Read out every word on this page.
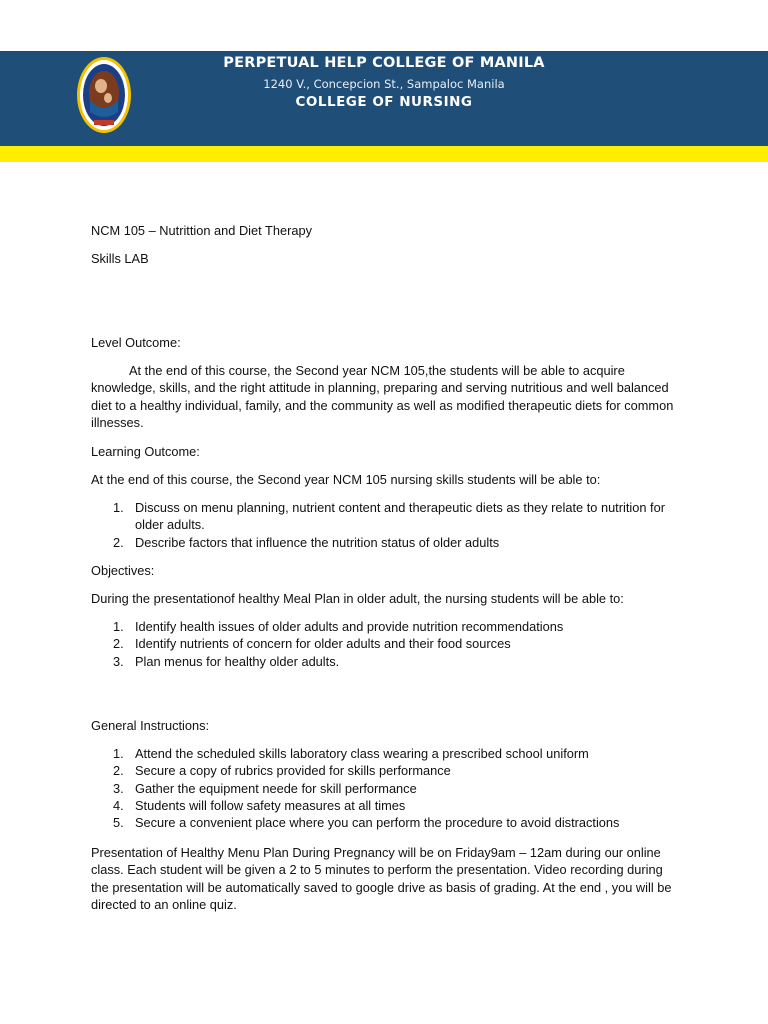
PERPETUAL HELP COLLEGE OF MANILA
1240 V., Concepcion St., Sampaloc Manila
COLLEGE OF NURSING

NCM 105 – Nutrittion and Diet Therapy

Skills LAB

Level Outcome:

At the end of this course, the Second year NCM 105,the students will be able to acquire knowledge, skills, and the right attitude in planning, preparing and serving nutritious and well balanced diet to a healthy individual, family, and the community as well as modified therapeutic diets for common illnesses.

Learning Outcome:

At the end of this course, the Second year NCM 105 nursing skills students will be able to:

1. Discuss on menu planning, nutrient content and therapeutic diets as they relate to nutrition for older adults.
2. Describe factors that influence the nutrition status of older adults

Objectives:

During the presentationof healthy Meal Plan in older adult, the nursing students will be able to:

1. Identify health issues of older adults and provide nutrition recommendations
2. Identify nutrients of concern for older adults and their food sources
3. Plan menus for healthy older adults.

General Instructions:

1. Attend the scheduled skills laboratory class wearing a prescribed school uniform
2. Secure a copy of rubrics provided for skills performance
3. Gather the equipment neede for skill performance
4. Students will follow safety measures at all times
5. Secure a convenient place where you can perform the procedure to avoid distractions

Presentation of Healthy Menu Plan During Pregnancy will be on Friday9am – 12am during our online class. Each student will be given a 2 to 5 minutes to perform the presentation. Video recording during the presentation will be automatically saved to google drive as basis of grading. At the end , you will be directed to an online quiz.
